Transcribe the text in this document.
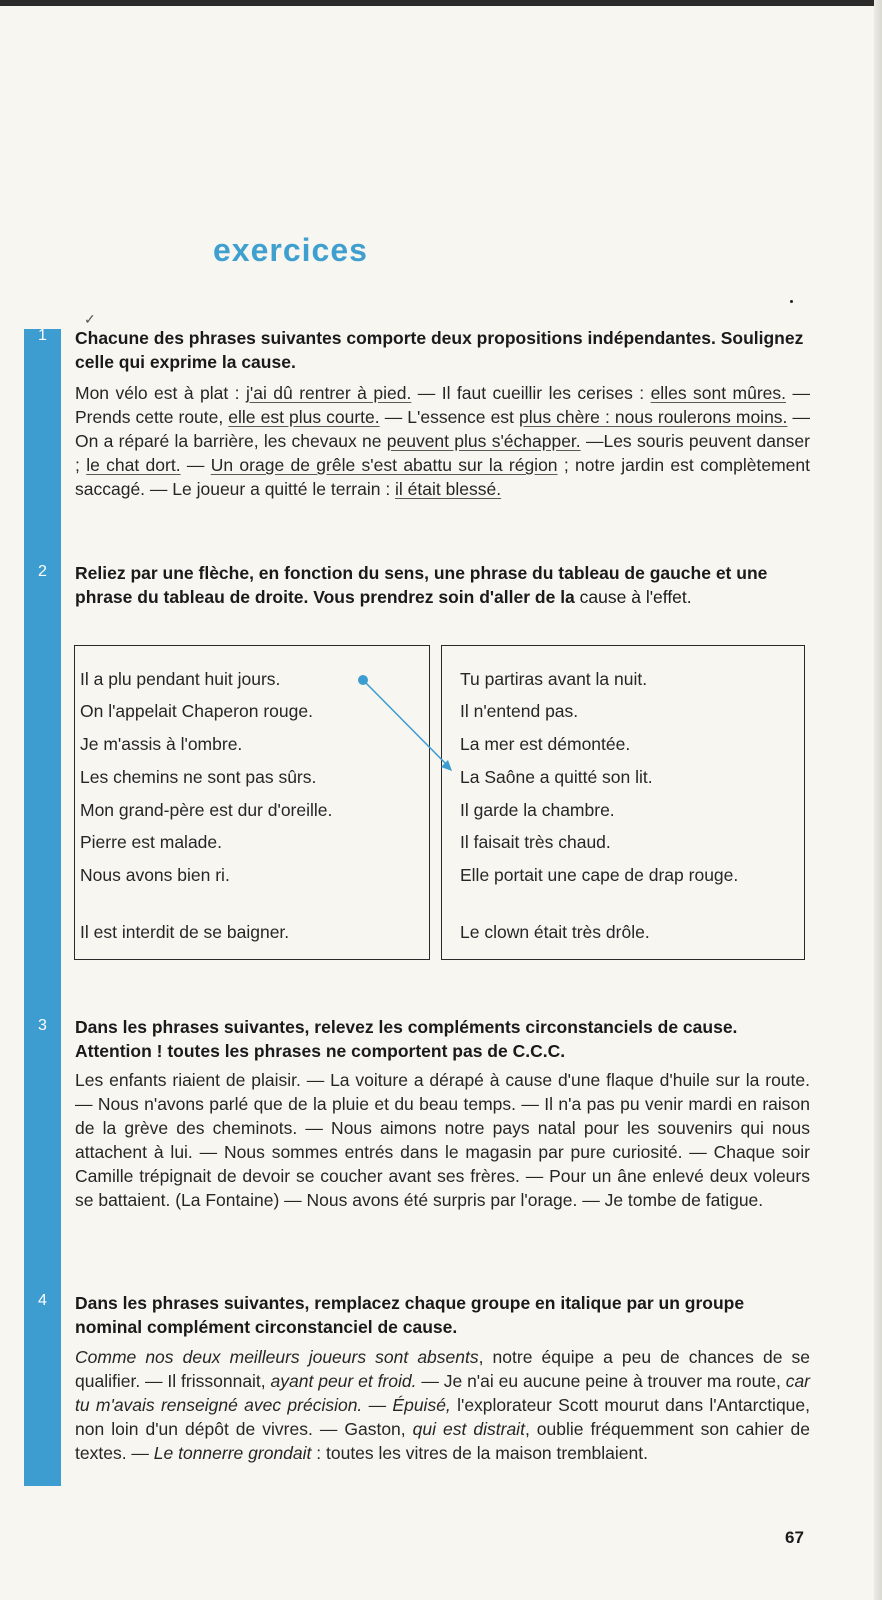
exercices
✓
1	Chacune des phrases suivantes comporte deux propositions indépendantes. Soulignez celle qui exprime la cause.
Mon vélo est à plat : j'ai dû rentrer à pied. — Il faut cueillir les cerises : elles sont mûres. — Prends cette route, elle est plus courte. — L'essence est plus chère : nous roulerons moins. — On a réparé la barrière, les chevaux ne peuvent plus s'échapper. —Les souris peuvent danser ; le chat dort. — Un orage de grêle s'est abattu sur la région ; notre jardin est complètement saccagé. — Le joueur a quitté le terrain : il était blessé.
2	Reliez par une flèche, en fonction du sens, une phrase du tableau de gauche et une phrase du tableau de droite. Vous prendrez soin d'aller de la cause à l'effet.
Il a plu pendant huit jours.
On l'appelait Chaperon rouge.
Je m'assis à l'ombre.
Les chemins ne sont pas sûrs.
Mon grand-père est dur d'oreille.
Pierre est malade.
Nous avons bien ri.
Il est interdit de se baigner.
Tu partiras avant la nuit.
Il n'entend pas.
La mer est démontée.
La Saône a quitté son lit.
Il garde la chambre.
Il faisait très chaud.
Elle portait une cape de drap rouge.
Le clown était très drôle.
3	Dans les phrases suivantes, relevez les compléments circonstanciels de cause. Attention ! toutes les phrases ne comportent pas de C.C.C.
Les enfants riaient de plaisir. — La voiture a dérapé à cause d'une flaque d'huile sur la route. — Nous n'avons parlé que de la pluie et du beau temps. — Il n'a pas pu venir mardi en raison de la grève des cheminots. — Nous aimons notre pays natal pour les souvenirs qui nous attachent à lui. — Nous sommes entrés dans le magasin par pure curiosité. — Chaque soir Camille trépignait de devoir se coucher avant ses frères. — Pour un âne enlevé deux voleurs se battaient. (La Fontaine) — Nous avons été surpris par l'orage. — Je tombe de fatigue.
4	Dans les phrases suivantes, remplacez chaque groupe en italique par un groupe nominal complément circonstanciel de cause.
Comme nos deux meilleurs joueurs sont absents, notre équipe a peu de chances de se qualifier. — Il frissonnait, ayant peur et froid. — Je n'ai eu aucune peine à trouver ma route, car tu m'avais renseigné avec précision. — Épuisé, l'explorateur Scott mourut dans l'Antarctique, non loin d'un dépôt de vivres. — Gaston, qui est distrait, oublie fréquemment son cahier de textes. — Le tonnerre grondait : toutes les vitres de la maison tremblaient.
67
